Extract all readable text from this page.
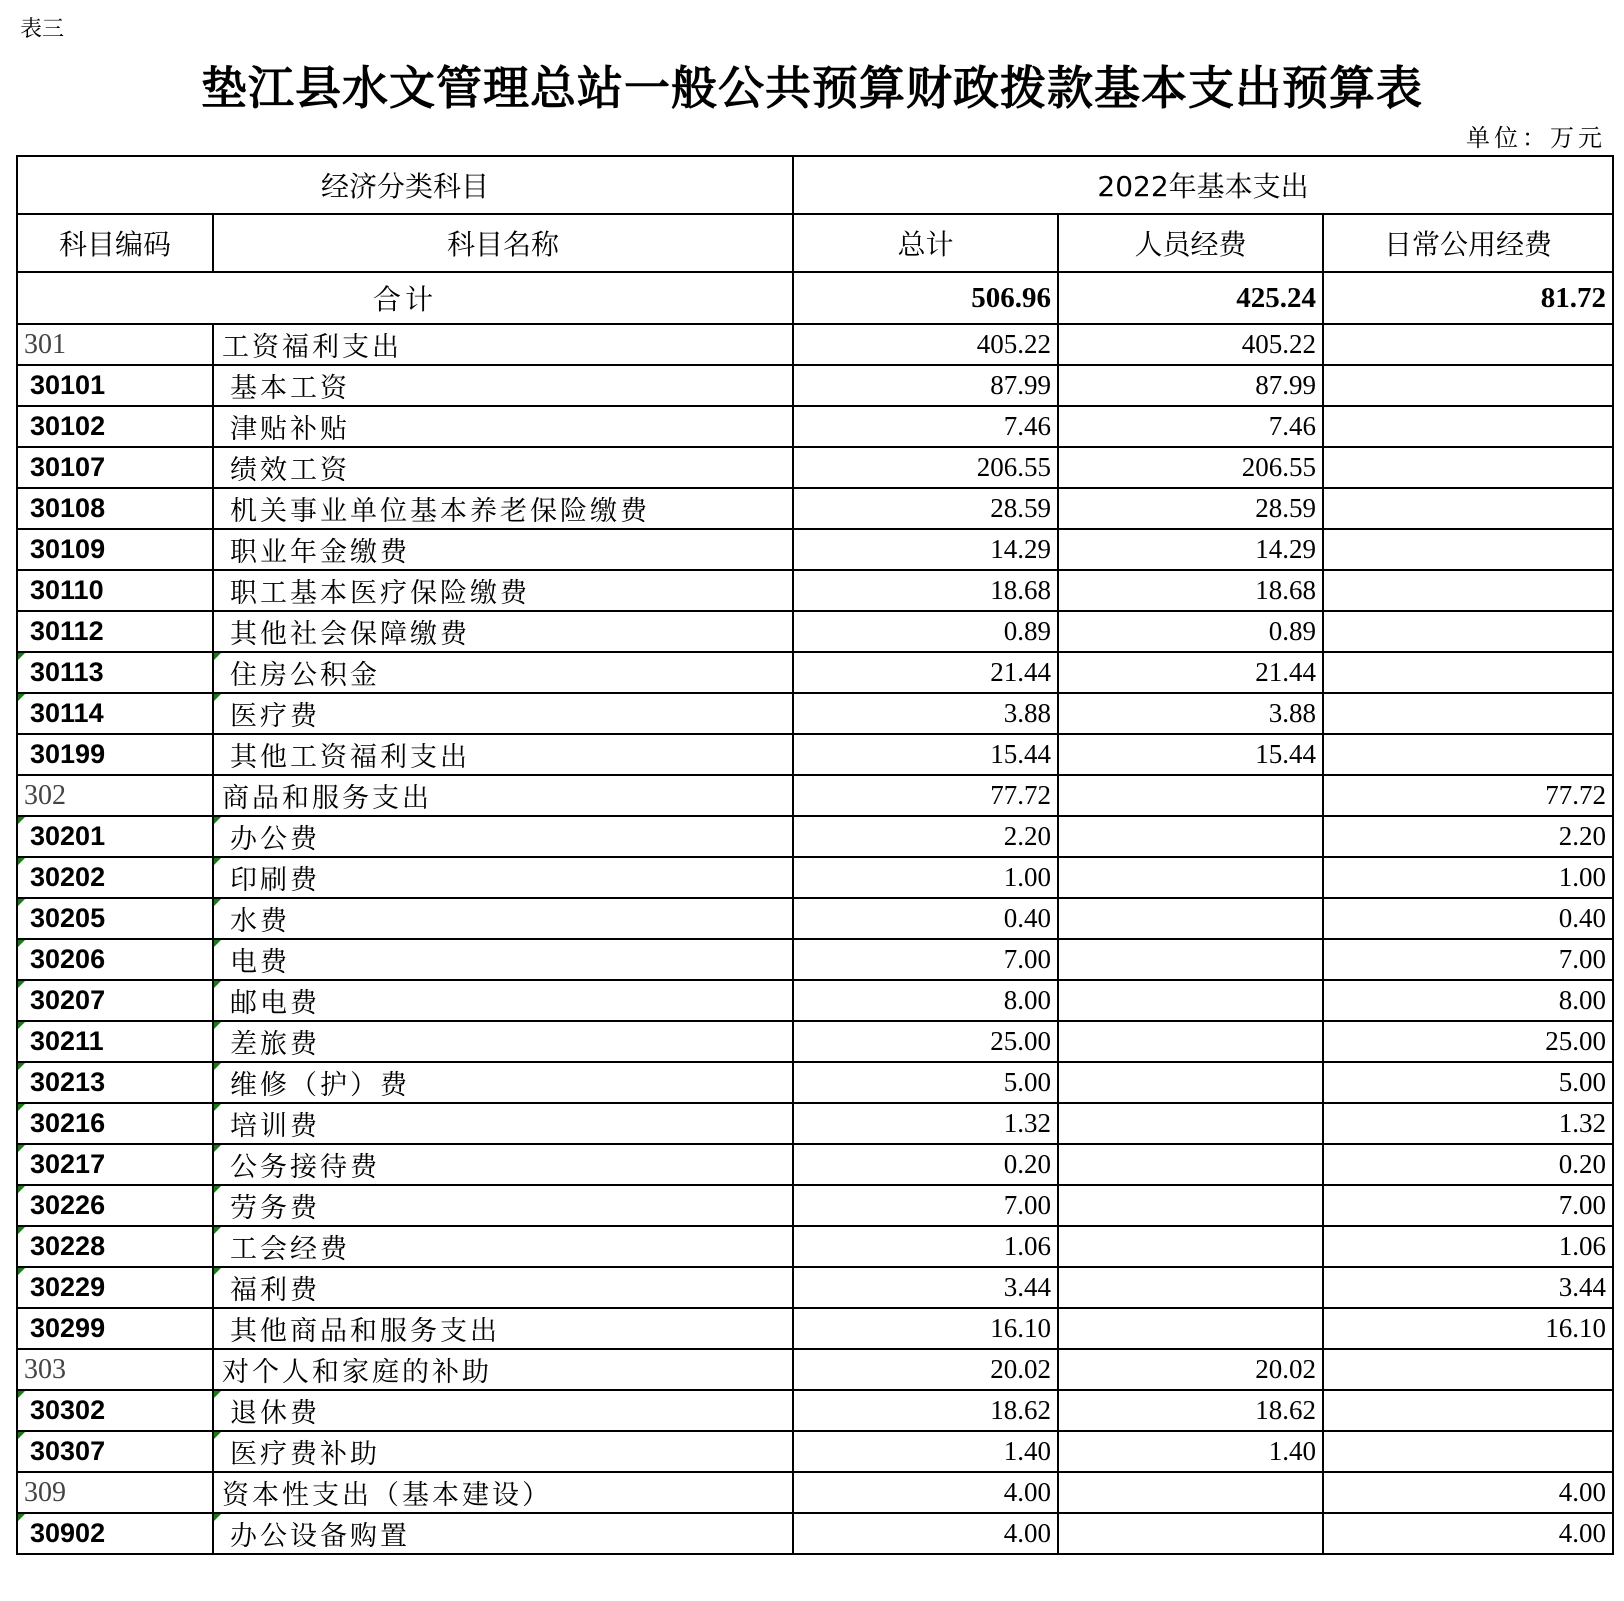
表三
垫江县水文管理总站一般公共预算财政拨款基本支出预算表
单位：万元
经济分类科目		2022年基本支出		
科目编码	科目名称	总计	人员经费	日常公用经费
合计		506.96	425.24	81.72
301	工资福利支出	405.22	405.22	
30101	基本工资	87.99	87.99	
30102	津贴补贴	7.46	7.46	
30107	绩效工资	206.55	206.55	
30108	机关事业单位基本养老保险缴费	28.59	28.59	
30109	职业年金缴费	14.29	14.29	
30110	职工基本医疗保险缴费	18.68	18.68	
30112	其他社会保障缴费	0.89	0.89	
30113	住房公积金	21.44	21.44	
30114	医疗费	3.88	3.88	
30199	其他工资福利支出	15.44	15.44	
302	商品和服务支出	77.72		77.72
30201	办公费	2.20		2.20
30202	印刷费	1.00		1.00
30205	水费	0.40		0.40
30206	电费	7.00		7.00
30207	邮电费	8.00		8.00
30211	差旅费	25.00		25.00
30213	维修（护）费	5.00		5.00
30216	培训费	1.32		1.32
30217	公务接待费	0.20		0.20
30226	劳务费	7.00		7.00
30228	工会经费	1.06		1.06
30229	福利费	3.44		3.44
30299	其他商品和服务支出	16.10		16.10
303	对个人和家庭的补助	20.02	20.02	
30302	退休费	18.62	18.62	
30307	医疗费补助	1.40	1.40	
309	资本性支出（基本建设）	4.00		4.00
30902	办公设备购置	4.00		4.00
